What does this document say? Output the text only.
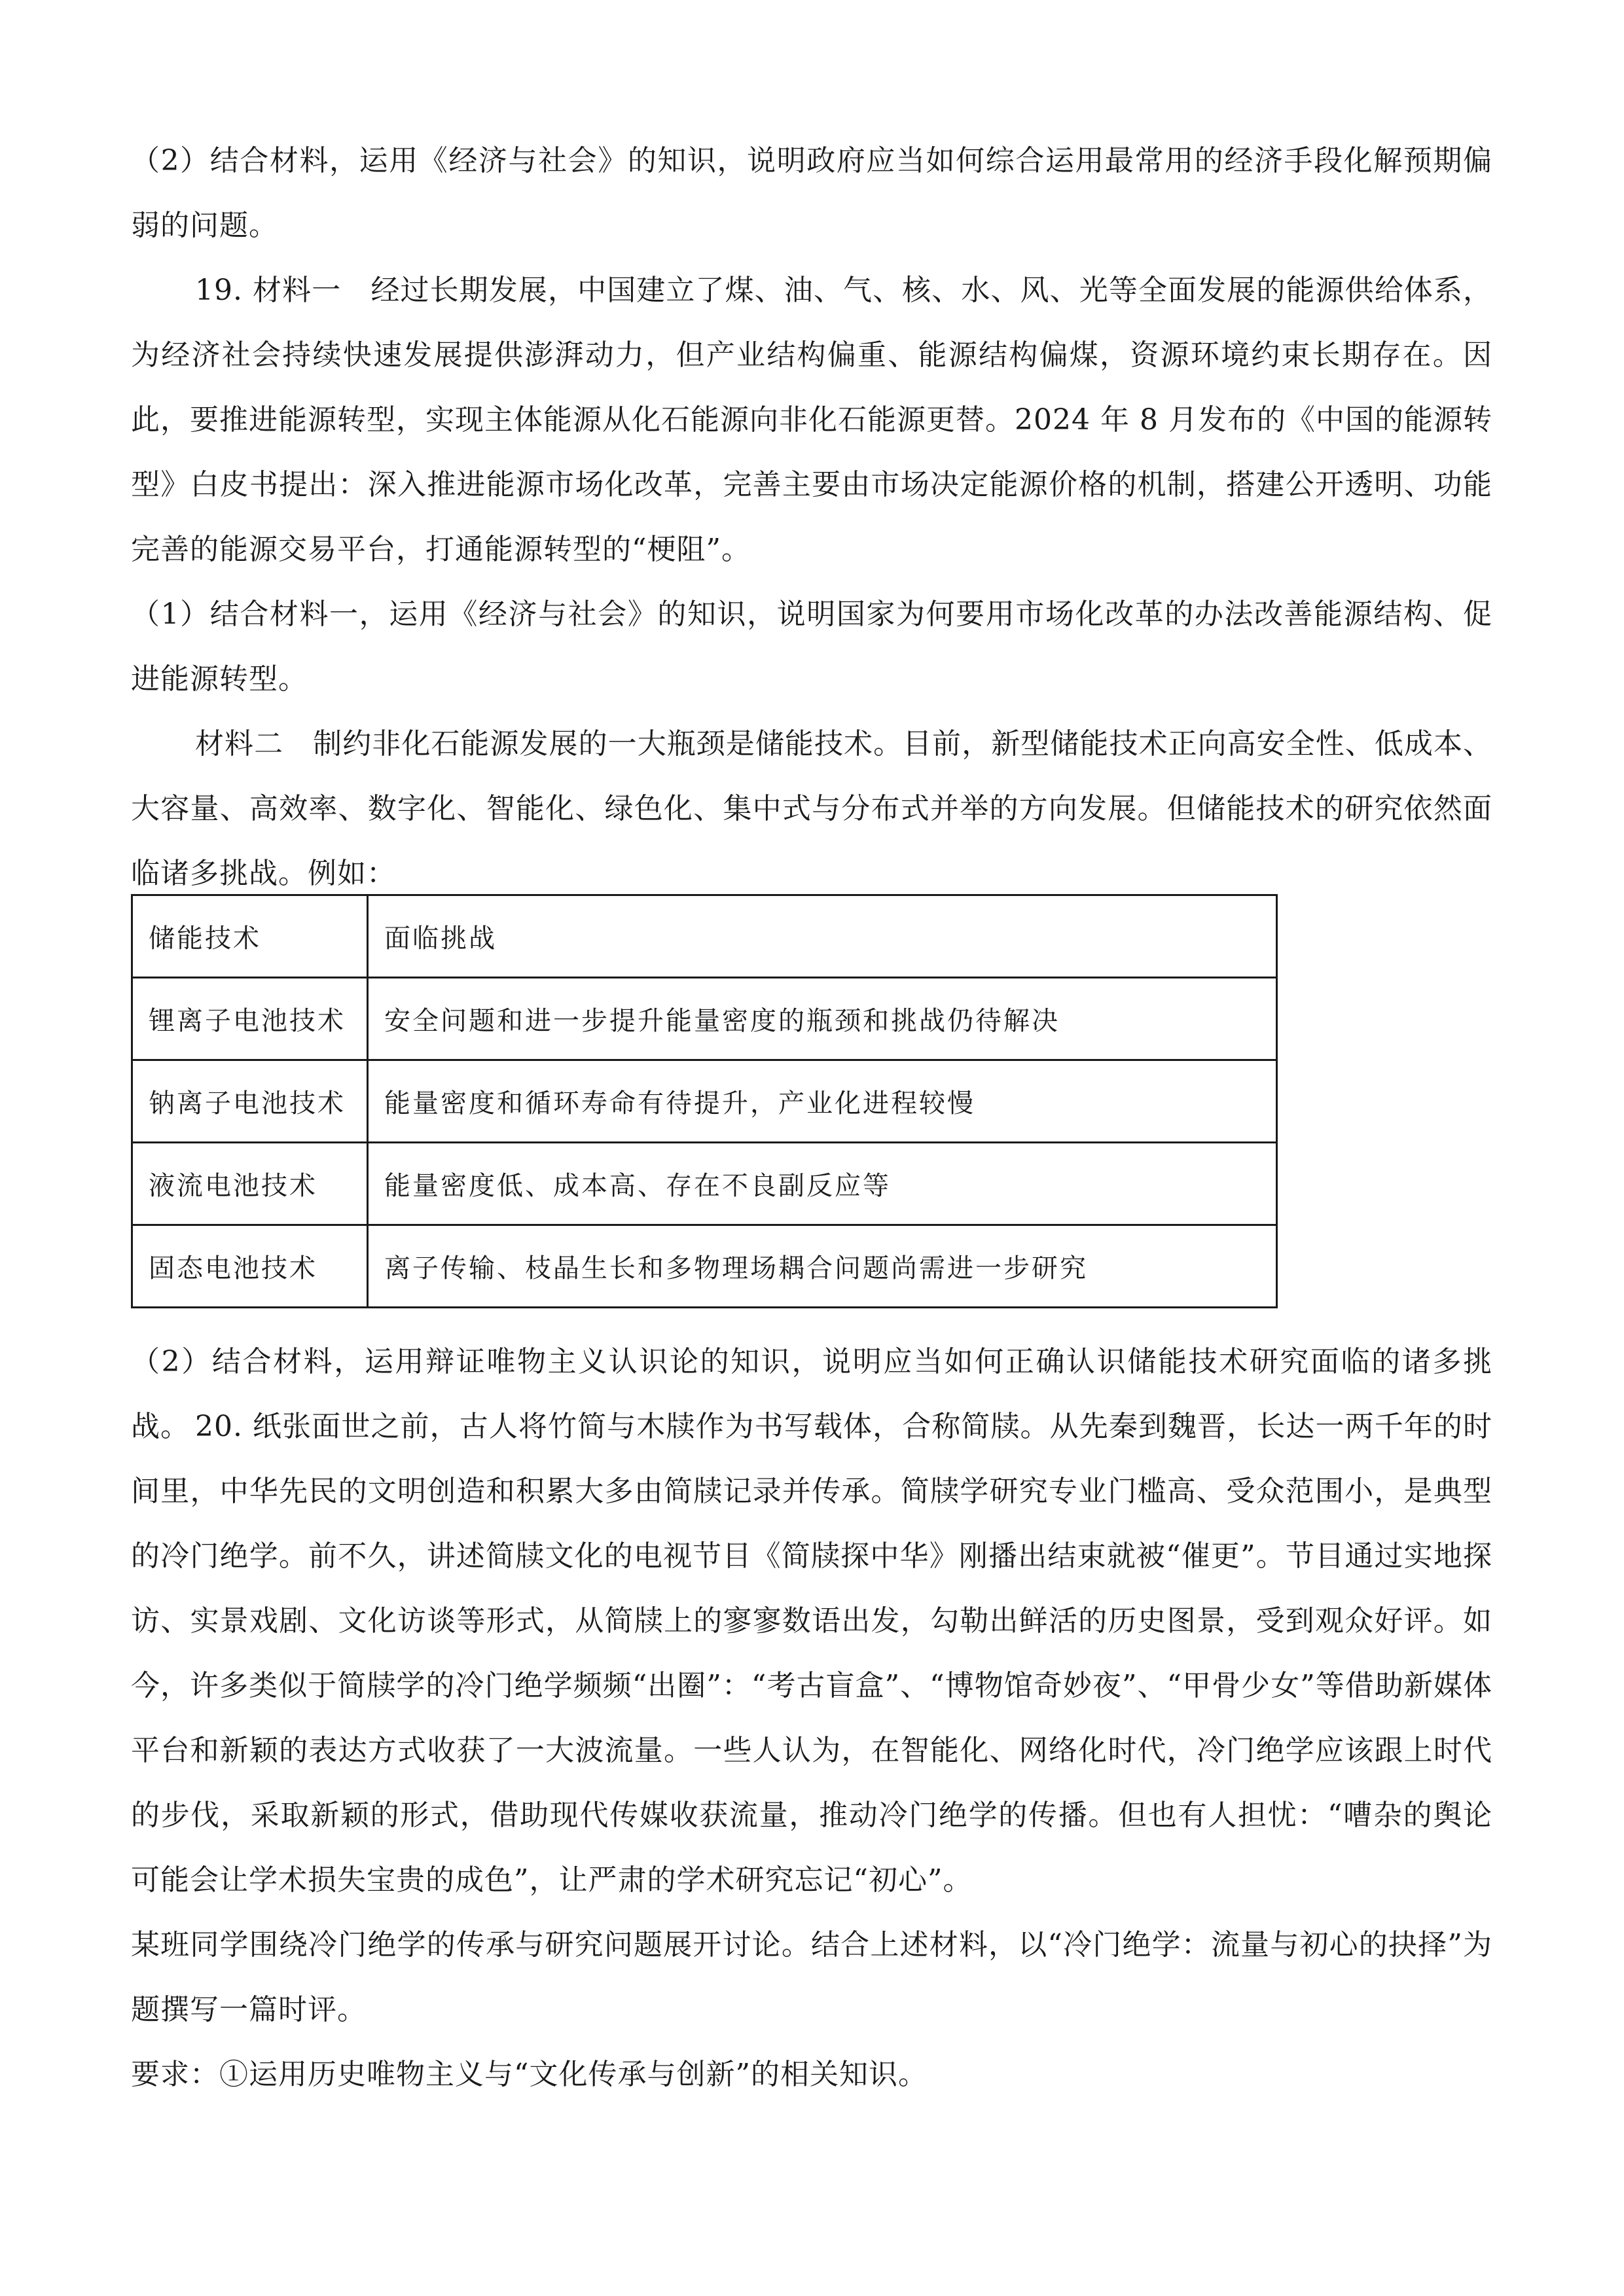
（2）结合材料，运用《经济与社会》的知识，说明政府应当如何综合运用最常用的经济手段化解预期偏弱的问题。

19. 材料一　经过长期发展，中国建立了煤、油、气、核、水、风、光等全面发展的能源供给体系，为经济社会持续快速发展提供澎湃动力，但产业结构偏重、能源结构偏煤，资源环境约束长期存在。因此，要推进能源转型，实现主体能源从化石能源向非化石能源更替。2024 年 8 月发布的《中国的能源转型》白皮书提出：深入推进能源市场化改革，完善主要由市场决定能源价格的机制，搭建公开透明、功能完善的能源交易平台，打通能源转型的“梗阻”。

（1）结合材料一，运用《经济与社会》的知识，说明国家为何要用市场化改革的办法改善能源结构、促进能源转型。

材料二　制约非化石能源发展的一大瓶颈是储能技术。目前，新型储能技术正向高安全性、低成本、大容量、高效率、数字化、智能化、绿色化、集中式与分布式并举的方向发展。但储能技术的研究依然面临诸多挑战。例如：

储能技术	面临挑战
锂离子电池技术	安全问题和进一步提升能量密度的瓶颈和挑战仍待解决
钠离子电池技术	能量密度和循环寿命有待提升，产业化进程较慢
液流电池技术	能量密度低、成本高、存在不良副反应等
固态电池技术	离子传输、枝晶生长和多物理场耦合问题尚需进一步研究

（2）结合材料，运用辩证唯物主义认识论的知识，说明应当如何正确认识储能技术研究面临的诸多挑战。 20. 纸张面世之前，古人将竹简与木牍作为书写载体，合称简牍。从先秦到魏晋，长达一两千年的时间里，中华先民的文明创造和积累大多由简牍记录并传承。简牍学研究专业门槛高、受众范围小，是典型的冷门绝学。前不久，讲述简牍文化的电视节目《简牍探中华》刚播出结束就被“催更”。节目通过实地探访、实景戏剧、文化访谈等形式，从简牍上的寥寥数语出发，勾勒出鲜活的历史图景，受到观众好评。如今，许多类似于简牍学的冷门绝学频频“出圈”：“考古盲盒”、“博物馆奇妙夜”、“甲骨少女”等借助新媒体平台和新颖的表达方式收获了一大波流量。一些人认为，在智能化、网络化时代，冷门绝学应该跟上时代的步伐，采取新颖的形式，借助现代传媒收获流量，推动冷门绝学的传播。但也有人担忧：“嘈杂的舆论可能会让学术损失宝贵的成色”，让严肃的学术研究忘记“初心”。

某班同学围绕冷门绝学的传承与研究问题展开讨论。结合上述材料，以“冷门绝学：流量与初心的抉择”为题撰写一篇时评。

要求：①运用历史唯物主义与“文化传承与创新”的相关知识。
